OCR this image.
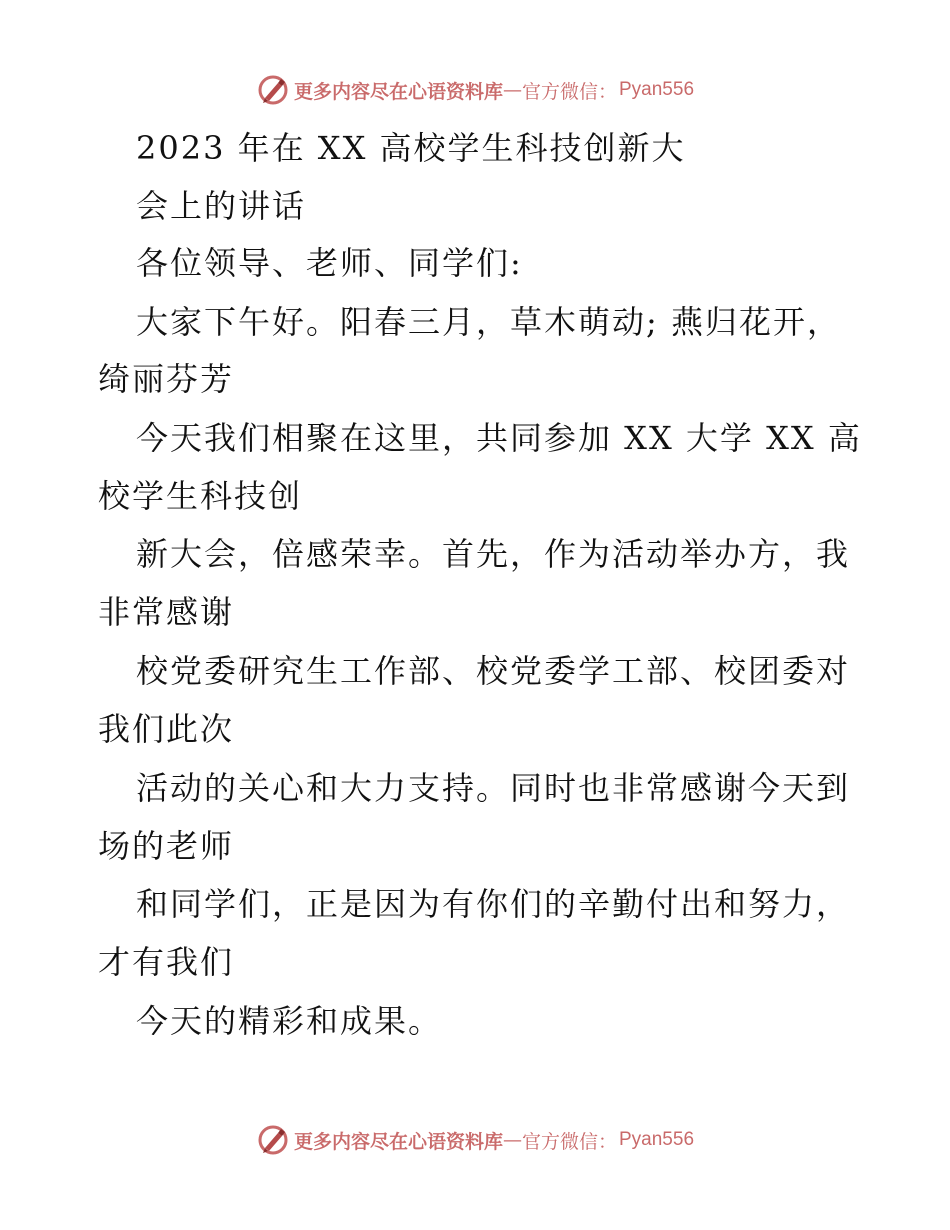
更多内容尽在心语资料库 — 官方微信： Pyan556
2023 年在 XX 高校学生科技创新大
会上的讲话
各位领导、老师、同学们:
大家下午好。阳春三月，草木萌动; 燕归花开，
绮丽芬芳
今天我们相聚在这里，共同参加 XX 大学 XX 高
校学生科技创
新大会，倍感荣幸。首先，作为活动举办方，我
非常感谢
校党委研究生工作部、校党委学工部、校团委对
我们此次
活动的关心和大力支持。同时也非常感谢今天到
场的老师
和同学们，正是因为有你们的辛勤付出和努力，
才有我们
今天的精彩和成果。
更多内容尽在心语资料库 — 官方微信： Pyan556
